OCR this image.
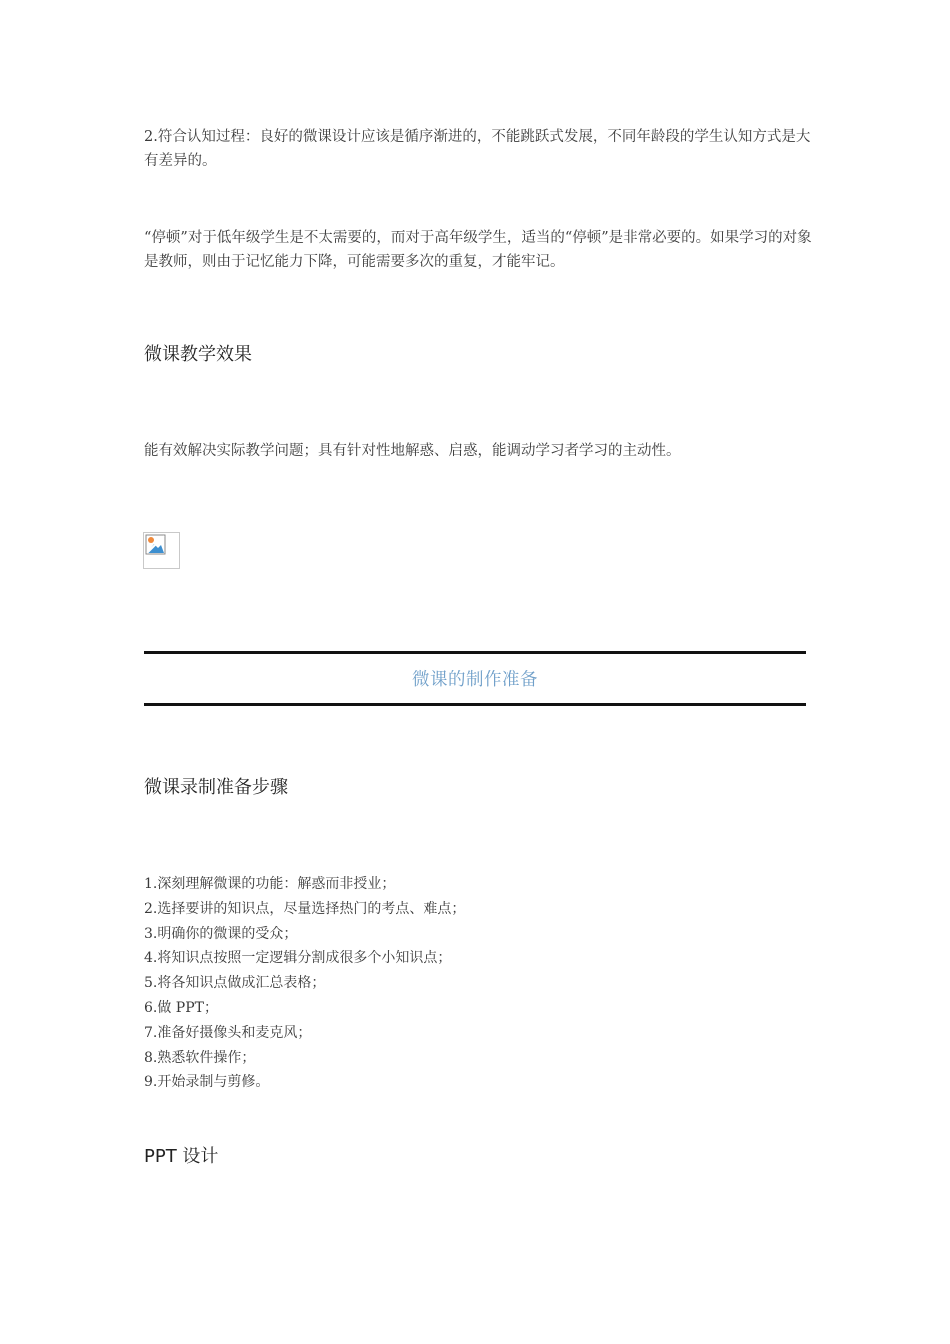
2.符合认知过程：良好的微课设计应该是循序渐进的，不能跳跃式发展，不同年龄段的学生认知方式是大有差异的。

“停顿”对于低年级学生是不太需要的，而对于高年级学生，适当的“停顿”是非常必要的。如果学习的对象是教师，则由于记忆能力下降，可能需要多次的重复，才能牢记。

微课教学效果

能有效解决实际教学问题；具有针对性地解惑、启惑，能调动学习者学习的主动性。

微课的制作准备
微课录制准备步骤
1.深刻理解微课的功能：解惑而非授业；
2.选择要讲的知识点，尽量选择热门的考点、难点；
3.明确你的微课的受众；
4.将知识点按照一定逻辑分割成很多个小知识点；
5.将各知识点做成汇总表格；
6.做 PPT；
7.准备好摄像头和麦克风；
8.熟悉软件操作；
9.开始录制与剪修。
PPT 设计
